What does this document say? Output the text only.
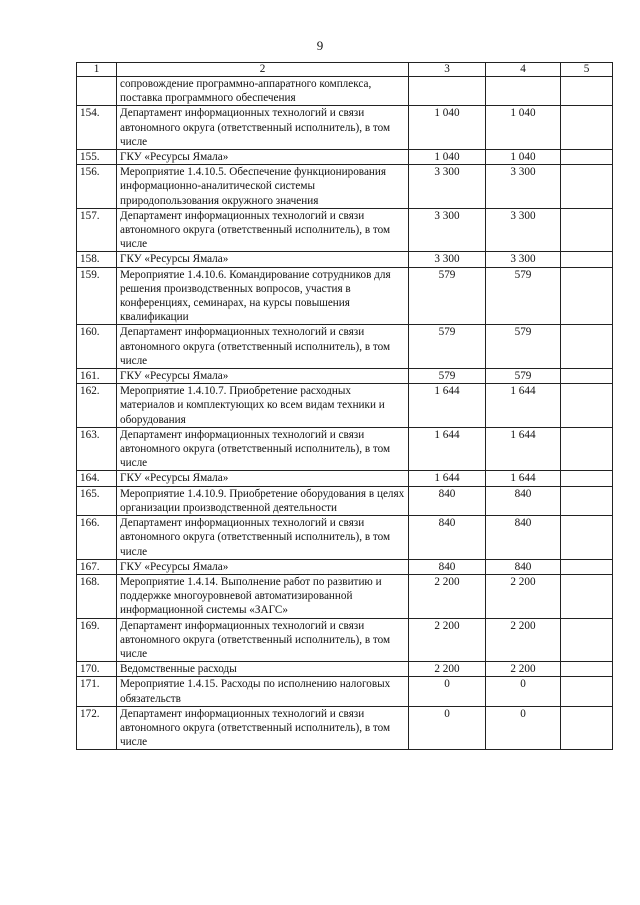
9
1	2	3	4	5
	сопровождение программно-аппаратного комплекса, поставка программного обеспечения			
154.	Департамент информационных технологий и связи автономного округа (ответственный исполнитель), в том числе	1 040	1 040	
155.	ГКУ «Ресурсы Ямала»	1 040	1 040	
156.	Мероприятие 1.4.10.5. Обеспечение функционирования информационно-аналитической системы природопользования окружного значения	3 300	3 300	
157.	Департамент информационных технологий и связи автономного округа (ответственный исполнитель), в том числе	3 300	3 300	
158.	ГКУ «Ресурсы Ямала»	3 300	3 300	
159.	Мероприятие 1.4.10.6. Командирование сотрудников для решения производственных вопросов, участия в конференциях, семинарах, на курсы повышения квалификации	579	579	
160.	Департамент информационных технологий и связи автономного округа (ответственный исполнитель), в том числе	579	579	
161.	ГКУ «Ресурсы Ямала»	579	579	
162.	Мероприятие 1.4.10.7. Приобретение расходных материалов и комплектующих ко всем видам техники и оборудования	1 644	1 644	
163.	Департамент информационных технологий и связи автономного округа (ответственный исполнитель), в том числе	1 644	1 644	
164.	ГКУ «Ресурсы Ямала»	1 644	1 644	
165.	Мероприятие 1.4.10.9. Приобретение оборудования в целях организации производственной деятельности	840	840	
166.	Департамент информационных технологий и связи автономного округа (ответственный исполнитель), в том числе	840	840	
167.	ГКУ «Ресурсы Ямала»	840	840	
168.	Мероприятие 1.4.14. Выполнение работ по развитию и поддержке многоуровневой автоматизированной информационной системы «ЗАГС»	2 200	2 200	
169.	Департамент информационных технологий и связи автономного округа (ответственный исполнитель), в том числе	2 200	2 200	
170.	Ведомственные расходы	2 200	2 200	
171.	Мероприятие 1.4.15. Расходы по исполнению налоговых обязательств	0	0	
172.	Департамент информационных технологий и связи автономного округа (ответственный исполнитель), в том числе	0	0	
